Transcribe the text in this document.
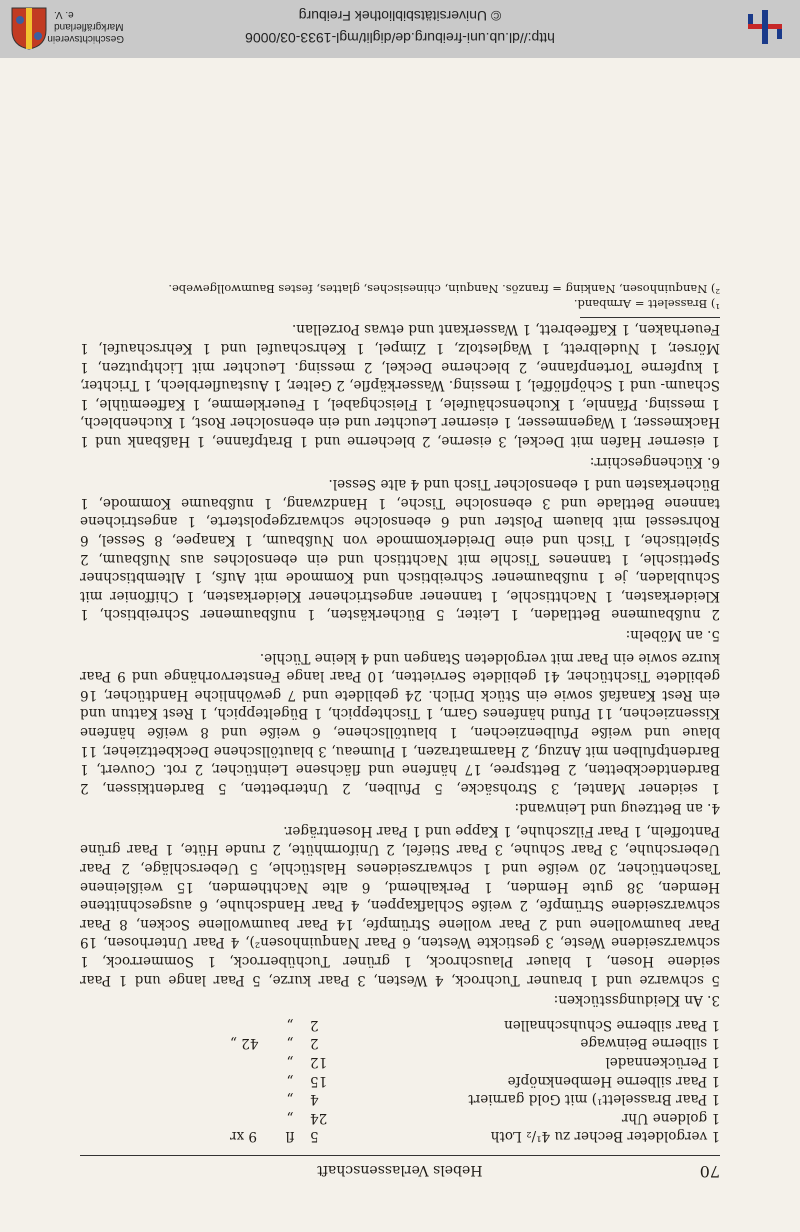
Geschichtsverein Markgräflerland e. V.	© Universitätsbibliothek Freiburg
http://dl.ub.uni-freiburg.de/diglit/mgl-1933-03/0006
70
Hebels Verlassenschaft
1 vergoldeter Becher zu 4¹/₂ Loth
5
fl
9 xr
1 goldene Uhr
24
„
1 Paar Brasselett¹) mit Gold garniert
4
„
1 Paar silberne Hembenknöpfe
15
„
1 Perückennadel
12
„
1 silberne Beinwage
2
„
42 „
1 Paar silberne Schuhschnallen
2
„
3. An Kleidungsstücken:
5 schwarze und 1 brauner Tuchrock, 4 Westen, 3 Paar kurze, 5 Paar lange und 1 Paar seidene Hosen, 1 blauer Plauschrock, 1 grüner Tuchüberrock, 1 Sommerrock, 1 schwarzseidene Weste, 3 gestickte Westen, 6 Paar Nanquinhosen²), 4 Paar Unterhosen, 19 Paar baumwollene und 2 Paar wollene Strümpfe, 14 Paar baumwollene Socken, 8 Paar schwarzseidene Strümpfe, 2 weiße Schlafkappen, 4 Paar Handschuhe, 6 ausgeschnittene Hemden, 38 gute Hemden, 1 Perkalhemd, 6 alte Nachthemden, 15 weißleinene Taschentücher, 20 weiße und 1 schwarzseidenes Halstüchle, 5 Ueberschläge, 2 Paar Ueberschuhe, 3 Paar Schuhe, 3 Paar Stiefel, 2 Uniformhüte, 2 runde Hüte, 1 Paar grüne Pantoffeln, 1 Paar Filzschuhe, 1 Kappe und 1 Paar Hosenträger.
4. an Bettzeug und Leinwand:
1 seidener Mantel, 3 Strohsäcke, 5 Pfulben, 2 Unterbetten, 5 Bardentkissen, 2 Bardentdeckbetten, 2 Bettspree, 17 hänfene und flächsene Leintücher, 2 rot. Couvert, 1 Bardentpfulben mit Anzug, 2 Haarmatrazen, 1 Plumeau, 3 blautöllschene Deckbettzieher, 11 blaue und weiße Pfulbenziechen, 1 blautöllschene, 6 weiße und 8 weiße hänfene Kissenziechen, 11 Pfund hänfenes Garn, 1 Tischteppich, 1 Bügelteppich, 1 Rest Kattun und ein Rest Kanafaß sowie ein Stück Drilch. 24 gebildete und 7 gewöhnliche Handtücher, 16 gebildete Tischtücher, 41 gebildete Servietten, 10 Paar lange Fenstervorhänge und 9 Paar kurze sowie ein Paar mit vergoldeten Stangen und 4 kleine Tüchle.
5. an Möbeln:
2 nußbaumene Bettladen, 1 Leiter, 5 Bücherkästen, 1 nußbaumener Schreibtisch, 1 Kleiderkasten, 1 Nachttischle, 1 tannener angestrichener Kleiderkasten, 1 Chiffonier mit Schubladen, je 1 nußbaumener Schreibtisch und Kommode mit Aufs, 1 Altembtischner Spettischle, 1 tannenes Tischle mit Nachttisch und ein ebensolches aus Nußbaum, 2 Spieltische, 1 Tisch und eine Dreiderkommode von Nußbaum, 1 Kanapee, 8 Sessel, 6 Rohrsessel mit blauem Polster und 6 ebensolche schwarzgepolsterte, 1 angestrichene tannene Bettlade und 3 ebensolche Tische, 1 Handzwang, 1 nußbaume Kommode, 1 Bücherkasten und 1 ebensolcher Tisch und 4 alte Sessel.
6. Küchengeschirr:
1 eiserner Hafen mit Deckel, 3 eiserne, 2 blecherne und 1 Bratpfanne, 1 Haßbank und 1 Hackmesser, 1 Wagenmesser, 1 eiserner Leuchter und ein ebensolcher Rost, 1 Kuchenblech, 1 messing. Pfännle, 1 Kuchenschäufele, 1 Fleischgabel, 1 Feuerklemme, 1 Kaffeemühle, 1 Schaum- und 1 Schöpflöffel, 1 messing. Wasserkäpfle, 2 Gelter, 1 Austauflerblech, 1 Trichter, 1 kupferne Tortenpfanne, 2 blecherne Deckel, 2 messing. Leuchter mit Lichtputzen, 1 Mörser, 1 Nudelbrett, 1 Waglestolz, 1 Zimpel, 1 Kehrschaufel und 1 Kehrschaufel, 1 Feuerhaken, 1 Kaffeebrett, 1 Wasserkant und etwas Porzellan.
¹) Brasselett = Armband.
²) Nanquinhosen, Nanking = französ. Nanquin, chinesisches, glattes, festes Baumwollgewebe.
